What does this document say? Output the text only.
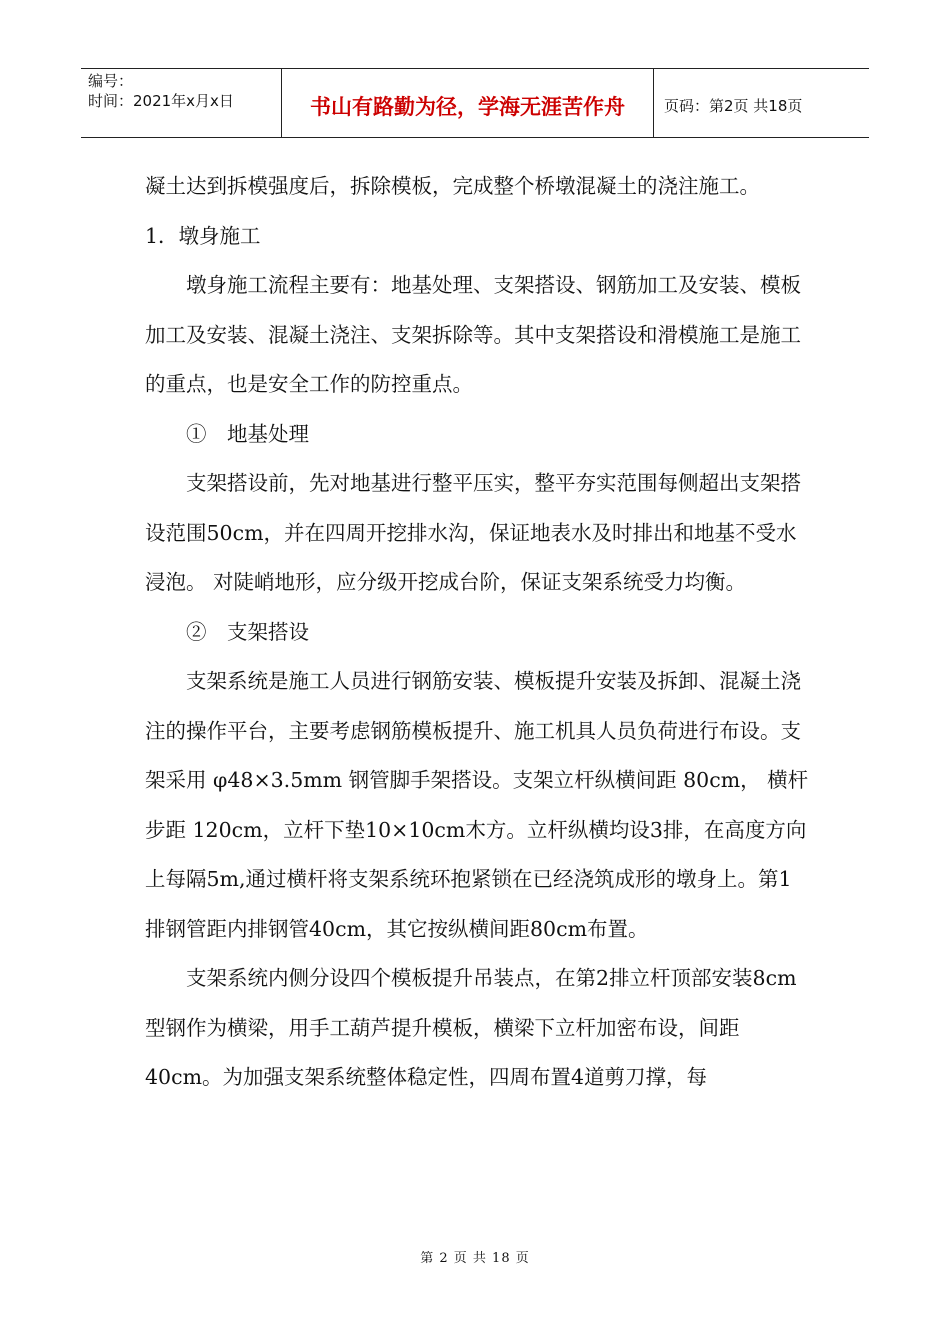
编号：
时间：2021年x月x日	书山有路勤为径，学海无涯苦作舟	页码：第2页 共18页

凝土达到拆模强度后，拆除模板，完成整个桥墩混凝土的浇注施工。

1．墩身施工

墩身施工流程主要有：地基处理、支架搭设、钢筋加工及安装、模板加工及安装、混凝土浇注、支架拆除等。其中支架搭设和滑模施工是施工的重点，也是安全工作的防控重点。

①　地基处理

支架搭设前，先对地基进行整平压实，整平夯实范围每侧超出支架搭设范围50cm，并在四周开挖排水沟，保证地表水及时排出和地基不受水浸泡。 对陡峭地形，应分级开挖成台阶，保证支架系统受力均衡。

②　支架搭设

支架系统是施工人员进行钢筋安装、模板提升安装及拆卸、混凝土浇注的操作平台，主要考虑钢筋模板提升、施工机具人员负荷进行布设。支架采用 φ48×3.5mm 钢管脚手架搭设。支架立杆纵横间距 80cm， 横杆步距 120cm，立杆下垫10×10cm木方。立杆纵横均设3排，在高度方向上每隔5m,通过横杆将支架系统环抱紧锁在已经浇筑成形的墩身上。第1排钢管距内排钢管40cm，其它按纵横间距80cm布置。

支架系统内侧分设四个模板提升吊装点，在第2排立杆顶部安装8cm型钢作为横梁，用手工葫芦提升模板，横梁下立杆加密布设，间距40cm。为加强支架系统整体稳定性，四周布置4道剪刀撑，每

第 2 页 共 18 页
